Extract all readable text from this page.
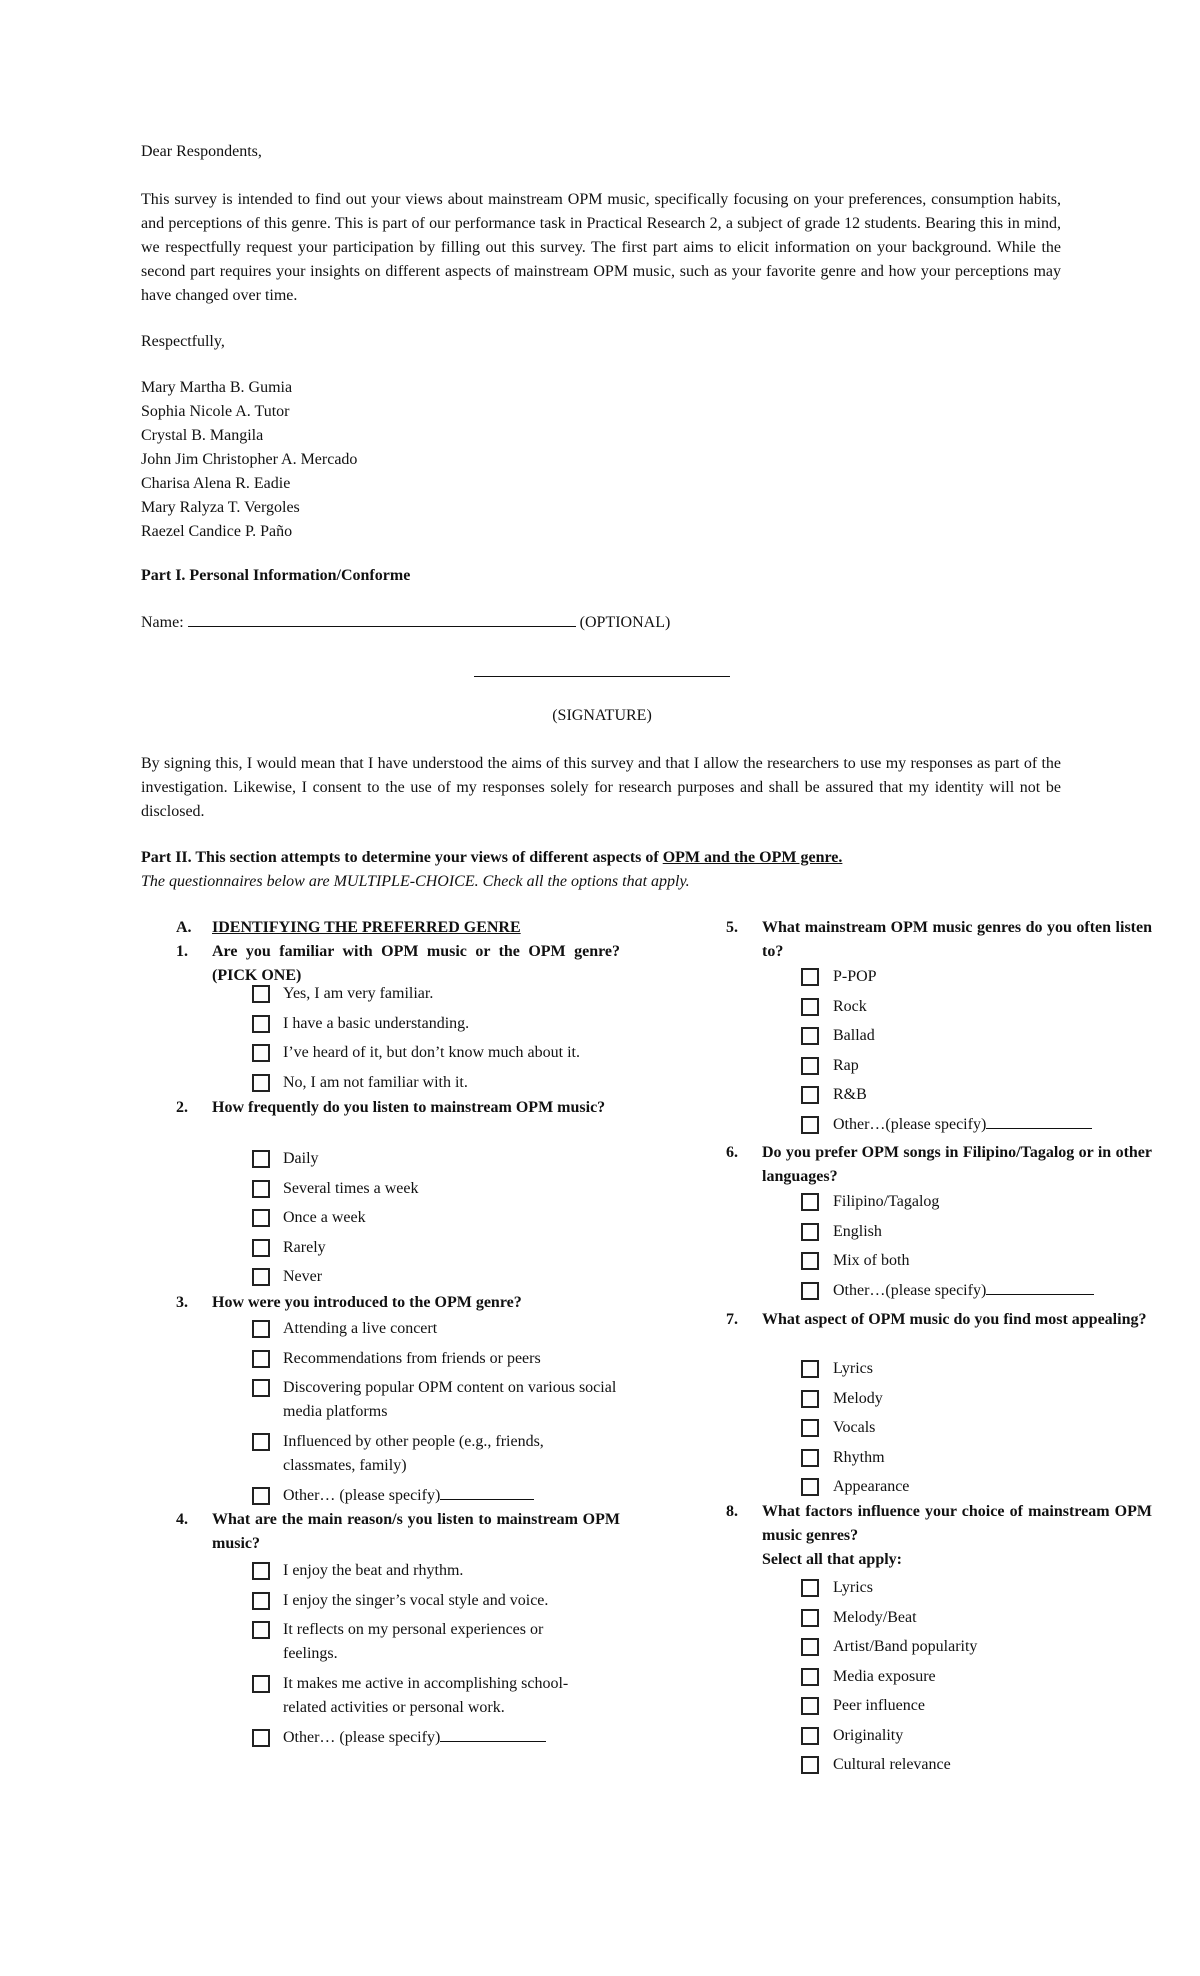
Dear Respondents,

This survey is intended to find out your views about mainstream OPM music, specifically focusing on your preferences, consumption habits, and perceptions of this genre. This is part of our performance task in Practical Research 2, a subject of grade 12 students. Bearing this in mind, we respectfully request your participation by filling out this survey. The first part aims to elicit information on your background. While the second part requires your insights on different aspects of mainstream OPM music, such as your favorite genre and how your perceptions may have changed over time.

Respectfully,

Mary Martha B. Gumia
Sophia Nicole A. Tutor
Crystal B. Mangila
John Jim Christopher A. Mercado
Charisa Alena R. Eadie
Mary Ralyza T. Vergoles
Raezel Candice P. Paño

Part I. Personal Information/Conforme

Name:	(OPTIONAL)

(SIGNATURE)

By signing this, I would mean that I have understood the aims of this survey and that I allow the researchers to use my responses as part of the investigation. Likewise, I consent to the use of my responses solely for research purposes and shall be assured that my identity will not be disclosed.

Part II. This section attempts to determine your views of different aspects of OPM and the OPM genre.

The questionnaires below are MULTIPLE-CHOICE. Check all the options that apply.

A. IDENTIFYING THE PREFERRED GENRE
1. Are you familiar with OPM music or the OPM genre? (PICK ONE)
Yes, I am very familiar.
I have a basic understanding.
I’ve heard of it, but don’t know much about it.
No, I am not familiar with it.
2. How frequently do you listen to mainstream OPM music?
Daily
Several times a week
Once a week
Rarely
Never
3. How were you introduced to the OPM genre?
Attending a live concert
Recommendations from friends or peers
Discovering popular OPM content on various social media platforms
Influenced by other people (e.g., friends, classmates, family)
Other… (please specify)
4. What are the main reason/s you listen to mainstream OPM music?
I enjoy the beat and rhythm.
I enjoy the singer’s vocal style and voice.
It reflects on my personal experiences or feelings.
It makes me active in accomplishing school-related activities or personal work.
Other… (please specify)
5. What mainstream OPM music genres do you often listen to?
P-POP
Rock
Ballad
Rap
R&B
Other…(please specify)
6. Do you prefer OPM songs in Filipino/Tagalog or in other languages?
Filipino/Tagalog
English
Mix of both
Other…(please specify)
7. What aspect of OPM music do you find most appealing?
Lyrics
Melody
Vocals
Rhythm
Appearance
8. What factors influence your choice of mainstream OPM music genres?
Select all that apply:
Lyrics
Melody/Beat
Artist/Band popularity
Media exposure
Peer influence
Originality
Cultural relevance
